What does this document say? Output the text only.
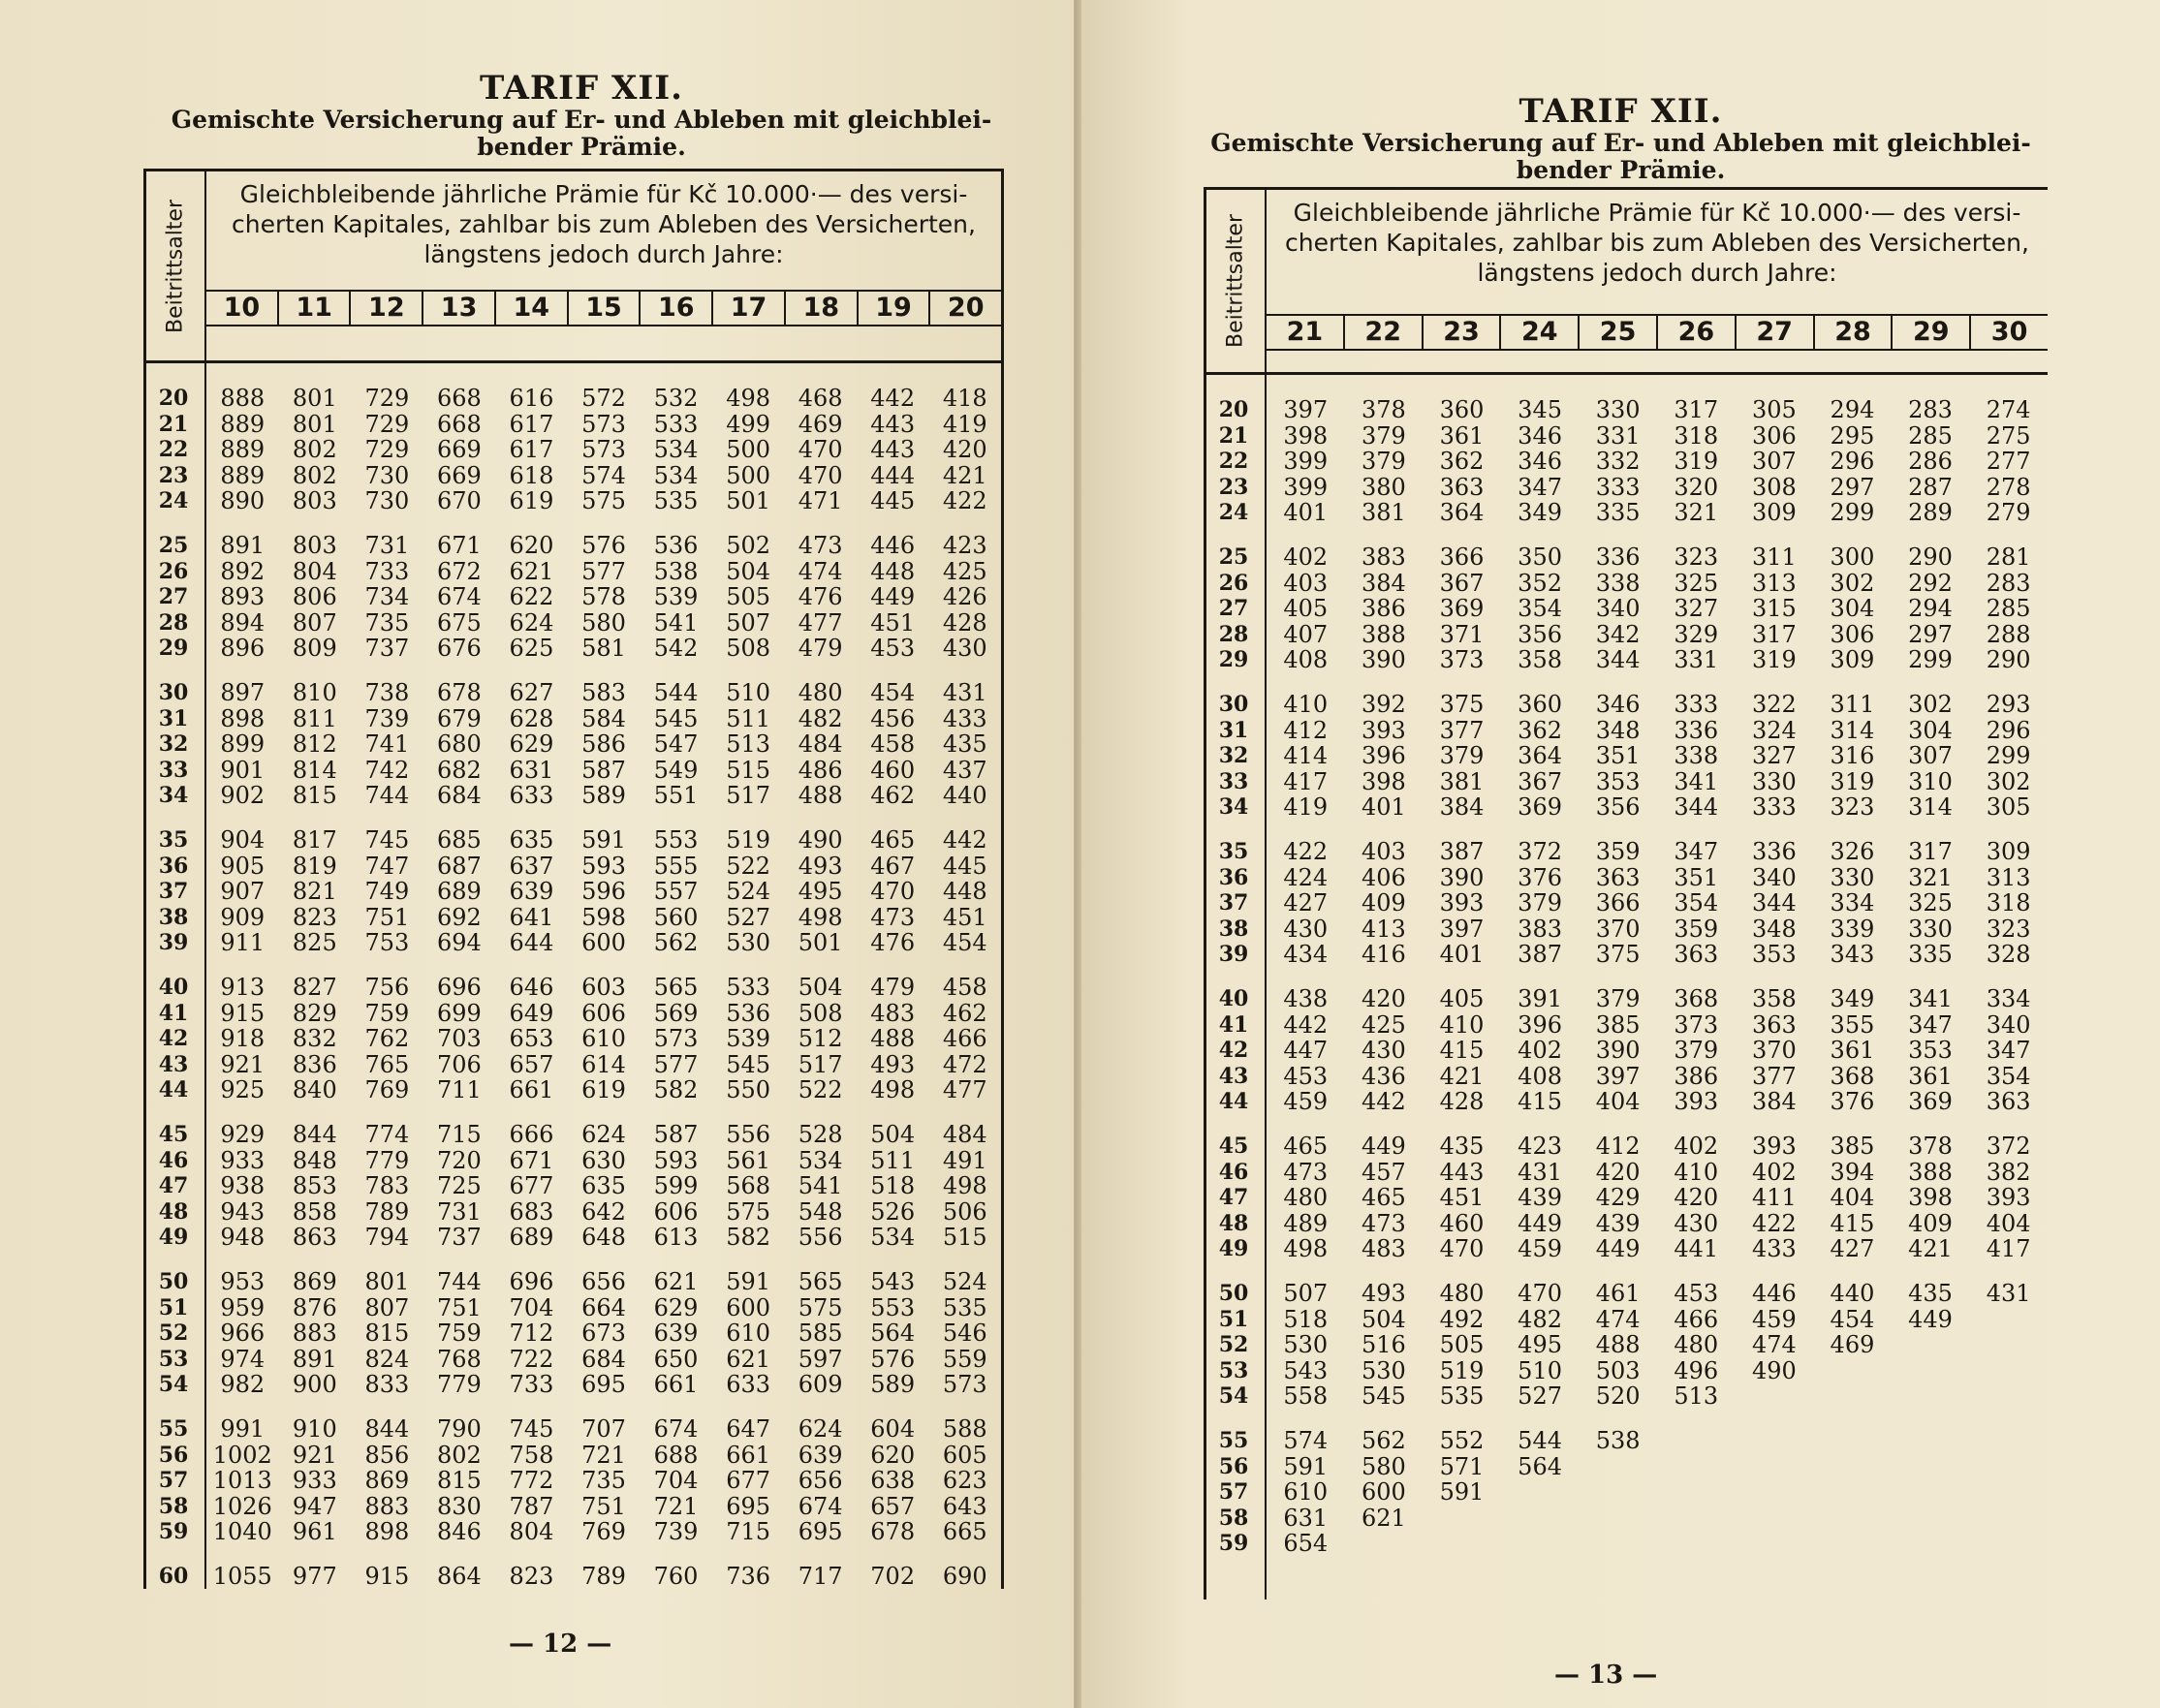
TARIF XII.
Gemischte Versicherung auf Er- und Ableben mit gleichblei-
bender Prämie.
Beitrittsalter
Gleichbleibende jährliche Prämie für Kč 10.000·— des versi-
cherten Kapitales, zahlbar bis zum Ableben des Versicherten,
längstens jedoch durch Jahre:
10	11	12	13	14	15	16	17	18	19	20
20	888	801	729	668	616	572	532	498	468	442	418
21	889	801	729	668	617	573	533	499	469	443	419
22	889	802	729	669	617	573	534	500	470	443	420
23	889	802	730	669	618	574	534	500	470	444	421
24	890	803	730	670	619	575	535	501	471	445	422
25	891	803	731	671	620	576	536	502	473	446	423
26	892	804	733	672	621	577	538	504	474	448	425
27	893	806	734	674	622	578	539	505	476	449	426
28	894	807	735	675	624	580	541	507	477	451	428
29	896	809	737	676	625	581	542	508	479	453	430
30	897	810	738	678	627	583	544	510	480	454	431
31	898	811	739	679	628	584	545	511	482	456	433
32	899	812	741	680	629	586	547	513	484	458	435
33	901	814	742	682	631	587	549	515	486	460	437
34	902	815	744	684	633	589	551	517	488	462	440
35	904	817	745	685	635	591	553	519	490	465	442
36	905	819	747	687	637	593	555	522	493	467	445
37	907	821	749	689	639	596	557	524	495	470	448
38	909	823	751	692	641	598	560	527	498	473	451
39	911	825	753	694	644	600	562	530	501	476	454
40	913	827	756	696	646	603	565	533	504	479	458
41	915	829	759	699	649	606	569	536	508	483	462
42	918	832	762	703	653	610	573	539	512	488	466
43	921	836	765	706	657	614	577	545	517	493	472
44	925	840	769	711	661	619	582	550	522	498	477
45	929	844	774	715	666	624	587	556	528	504	484
46	933	848	779	720	671	630	593	561	534	511	491
47	938	853	783	725	677	635	599	568	541	518	498
48	943	858	789	731	683	642	606	575	548	526	506
49	948	863	794	737	689	648	613	582	556	534	515
50	953	869	801	744	696	656	621	591	565	543	524
51	959	876	807	751	704	664	629	600	575	553	535
52	966	883	815	759	712	673	639	610	585	564	546
53	974	891	824	768	722	684	650	621	597	576	559
54	982	900	833	779	733	695	661	633	609	589	573
55	991	910	844	790	745	707	674	647	624	604	588
56	1002 921	856	802	758	721	688	661	639	620	605
57	1013 933	869	815	772	735	704	677	656	638	623
58	1026 947	883	830	787	751	721	695	674	657	643
59	1040 961	898	846	804	769	739	715	695	678	665
60	1055 977	915	864	823	789	760	736	717	702	690
— 12 —
TARIF XII.
Gemischte Versicherung auf Er- und Ableben mit gleichblei-
bender Prämie.
Beitrittsalter
Gleichbleibende jährliche Prämie für Kč 10.000·— des versi-
cherten Kapitales, zahlbar bis zum Ableben des Versicherten,
längstens jedoch durch Jahre:
21	22	23	24	25	26	27	28	29	30
20	397	378	360	345	330	317	305	294	283	274
21	398	379	361	346	331	318	306	295	285	275
22	399	379	362	346	332	319	307	296	286	277
23	399	380	363	347	333	320	308	297	287	278
24	401	381	364	349	335	321	309	299	289	279
25	402	383	366	350	336	323	311	300	290	281
26	403	384	367	352	338	325	313	302	292	283
27	405	386	369	354	340	327	315	304	294	285
28	407	388	371	356	342	329	317	306	297	288
29	408	390	373	358	344	331	319	309	299	290
30	410	392	375	360	346	333	322	311	302	293
31	412	393	377	362	348	336	324	314	304	296
32	414	396	379	364	351	338	327	316	307	299
33	417	398	381	367	353	341	330	319	310	302
34	419	401	384	369	356	344	333	323	314	305
35	422	403	387	372	359	347	336	326	317	309
36	424	406	390	376	363	351	340	330	321	313
37	427	409	393	379	366	354	344	334	325	318
38	430	413	397	383	370	359	348	339	330	323
39	434	416	401	387	375	363	353	343	335	328
40	438	420	405	391	379	368	358	349	341	334
41	442	425	410	396	385	373	363	355	347	340
42	447	430	415	402	390	379	370	361	353	347
43	453	436	421	408	397	386	377	368	361	354
44	459	442	428	415	404	393	384	376	369	363
45	465	449	435	423	412	402	393	385	378	372
46	473	457	443	431	420	410	402	394	388	382
47	480	465	451	439	429	420	411	404	398	393
48	489	473	460	449	439	430	422	415	409	404
49	498	483	470	459	449	441	433	427	421	417
50	507	493	480	470	461	453	446	440	435	431
51	518	504	492	482	474	466	459	454	449
52	530	516	505	495	488	480	474	469
53	543	530	519	510	503	496	490
54	558	545	535	527	520	513
55	574	562	552	544	538
56	591	580	571	564
57	610	600	591
58	631	621
59	654
— 13 —
